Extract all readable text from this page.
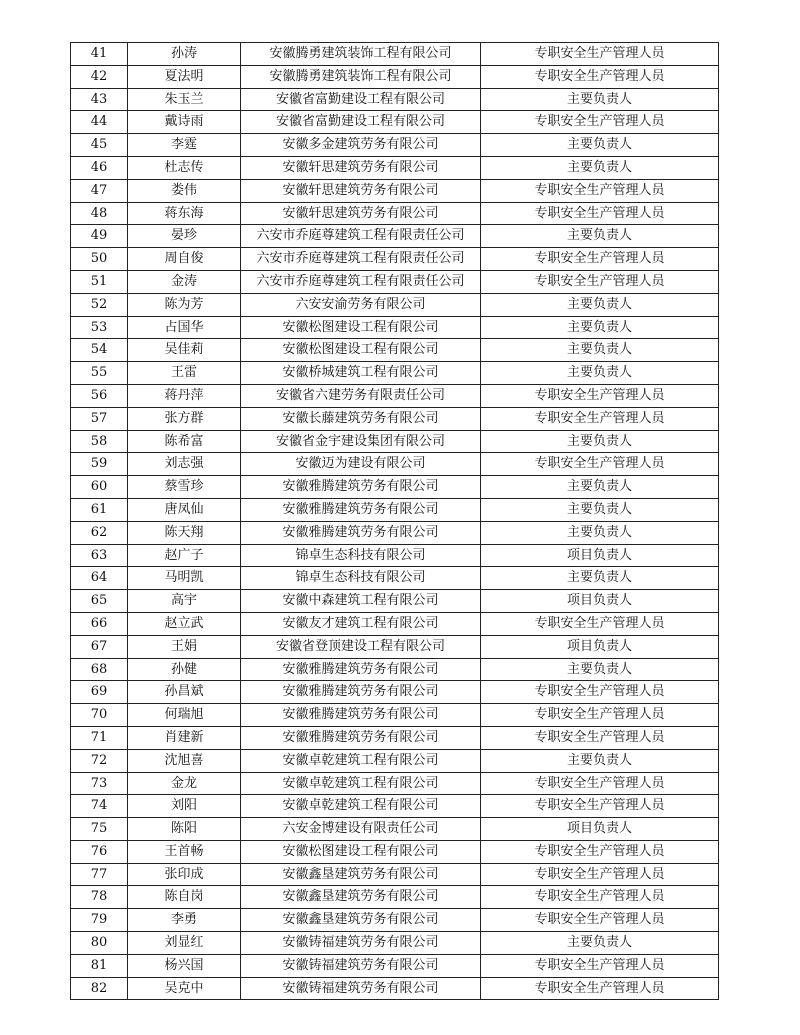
41	孙涛	安徽腾勇建筑装饰工程有限公司	专职安全生产管理人员
42	夏法明	安徽腾勇建筑装饰工程有限公司	专职安全生产管理人员
43	朱玉兰	安徽省富勤建设工程有限公司	主要负责人
44	戴诗雨	安徽省富勤建设工程有限公司	专职安全生产管理人员
45	李霆	安徽多金建筑劳务有限公司	主要负责人
46	杜志传	安徽轩思建筑劳务有限公司	主要负责人
47	娄伟	安徽轩思建筑劳务有限公司	专职安全生产管理人员
48	蒋东海	安徽轩思建筑劳务有限公司	专职安全生产管理人员
49	晏珍	六安市乔庭尊建筑工程有限责任公司	主要负责人
50	周自俊	六安市乔庭尊建筑工程有限责任公司	专职安全生产管理人员
51	金涛	六安市乔庭尊建筑工程有限责任公司	专职安全生产管理人员
52	陈为芳	六安安渝劳务有限公司	主要负责人
53	占国华	安徽松图建设工程有限公司	主要负责人
54	吴佳莉	安徽松图建设工程有限公司	主要负责人
55	王雷	安徽桥城建筑工程有限公司	主要负责人
56	蒋丹萍	安徽省六建劳务有限责任公司	专职安全生产管理人员
57	张方群	安徽长藤建筑劳务有限公司	专职安全生产管理人员
58	陈希富	安徽省金宇建设集团有限公司	主要负责人
59	刘志强	安徽迈为建设有限公司	专职安全生产管理人员
60	蔡雪珍	安徽雅腾建筑劳务有限公司	主要负责人
61	唐凤仙	安徽雅腾建筑劳务有限公司	主要负责人
62	陈天翔	安徽雅腾建筑劳务有限公司	主要负责人
63	赵广子	锦卓生态科技有限公司	项目负责人
64	马明凯	锦卓生态科技有限公司	主要负责人
65	高宇	安徽中森建筑工程有限公司	项目负责人
66	赵立武	安徽友才建筑工程有限公司	专职安全生产管理人员
67	王娟	安徽省登顶建设工程有限公司	项目负责人
68	孙健	安徽雅腾建筑劳务有限公司	主要负责人
69	孙昌斌	安徽雅腾建筑劳务有限公司	专职安全生产管理人员
70	何瑞旭	安徽雅腾建筑劳务有限公司	专职安全生产管理人员
71	肖建新	安徽雅腾建筑劳务有限公司	专职安全生产管理人员
72	沈旭喜	安徽卓乾建筑工程有限公司	主要负责人
73	金龙	安徽卓乾建筑工程有限公司	专职安全生产管理人员
74	刘阳	安徽卓乾建筑工程有限公司	专职安全生产管理人员
75	陈阳	六安金博建设有限责任公司	项目负责人
76	王首畅	安徽松图建设工程有限公司	专职安全生产管理人员
77	张印成	安徽鑫垦建筑劳务有限公司	专职安全生产管理人员
78	陈自岗	安徽鑫垦建筑劳务有限公司	专职安全生产管理人员
79	李勇	安徽鑫垦建筑劳务有限公司	专职安全生产管理人员
80	刘显红	安徽铸福建筑劳务有限公司	主要负责人
81	杨兴国	安徽铸福建筑劳务有限公司	专职安全生产管理人员
82	吴克中	安徽铸福建筑劳务有限公司	专职安全生产管理人员
